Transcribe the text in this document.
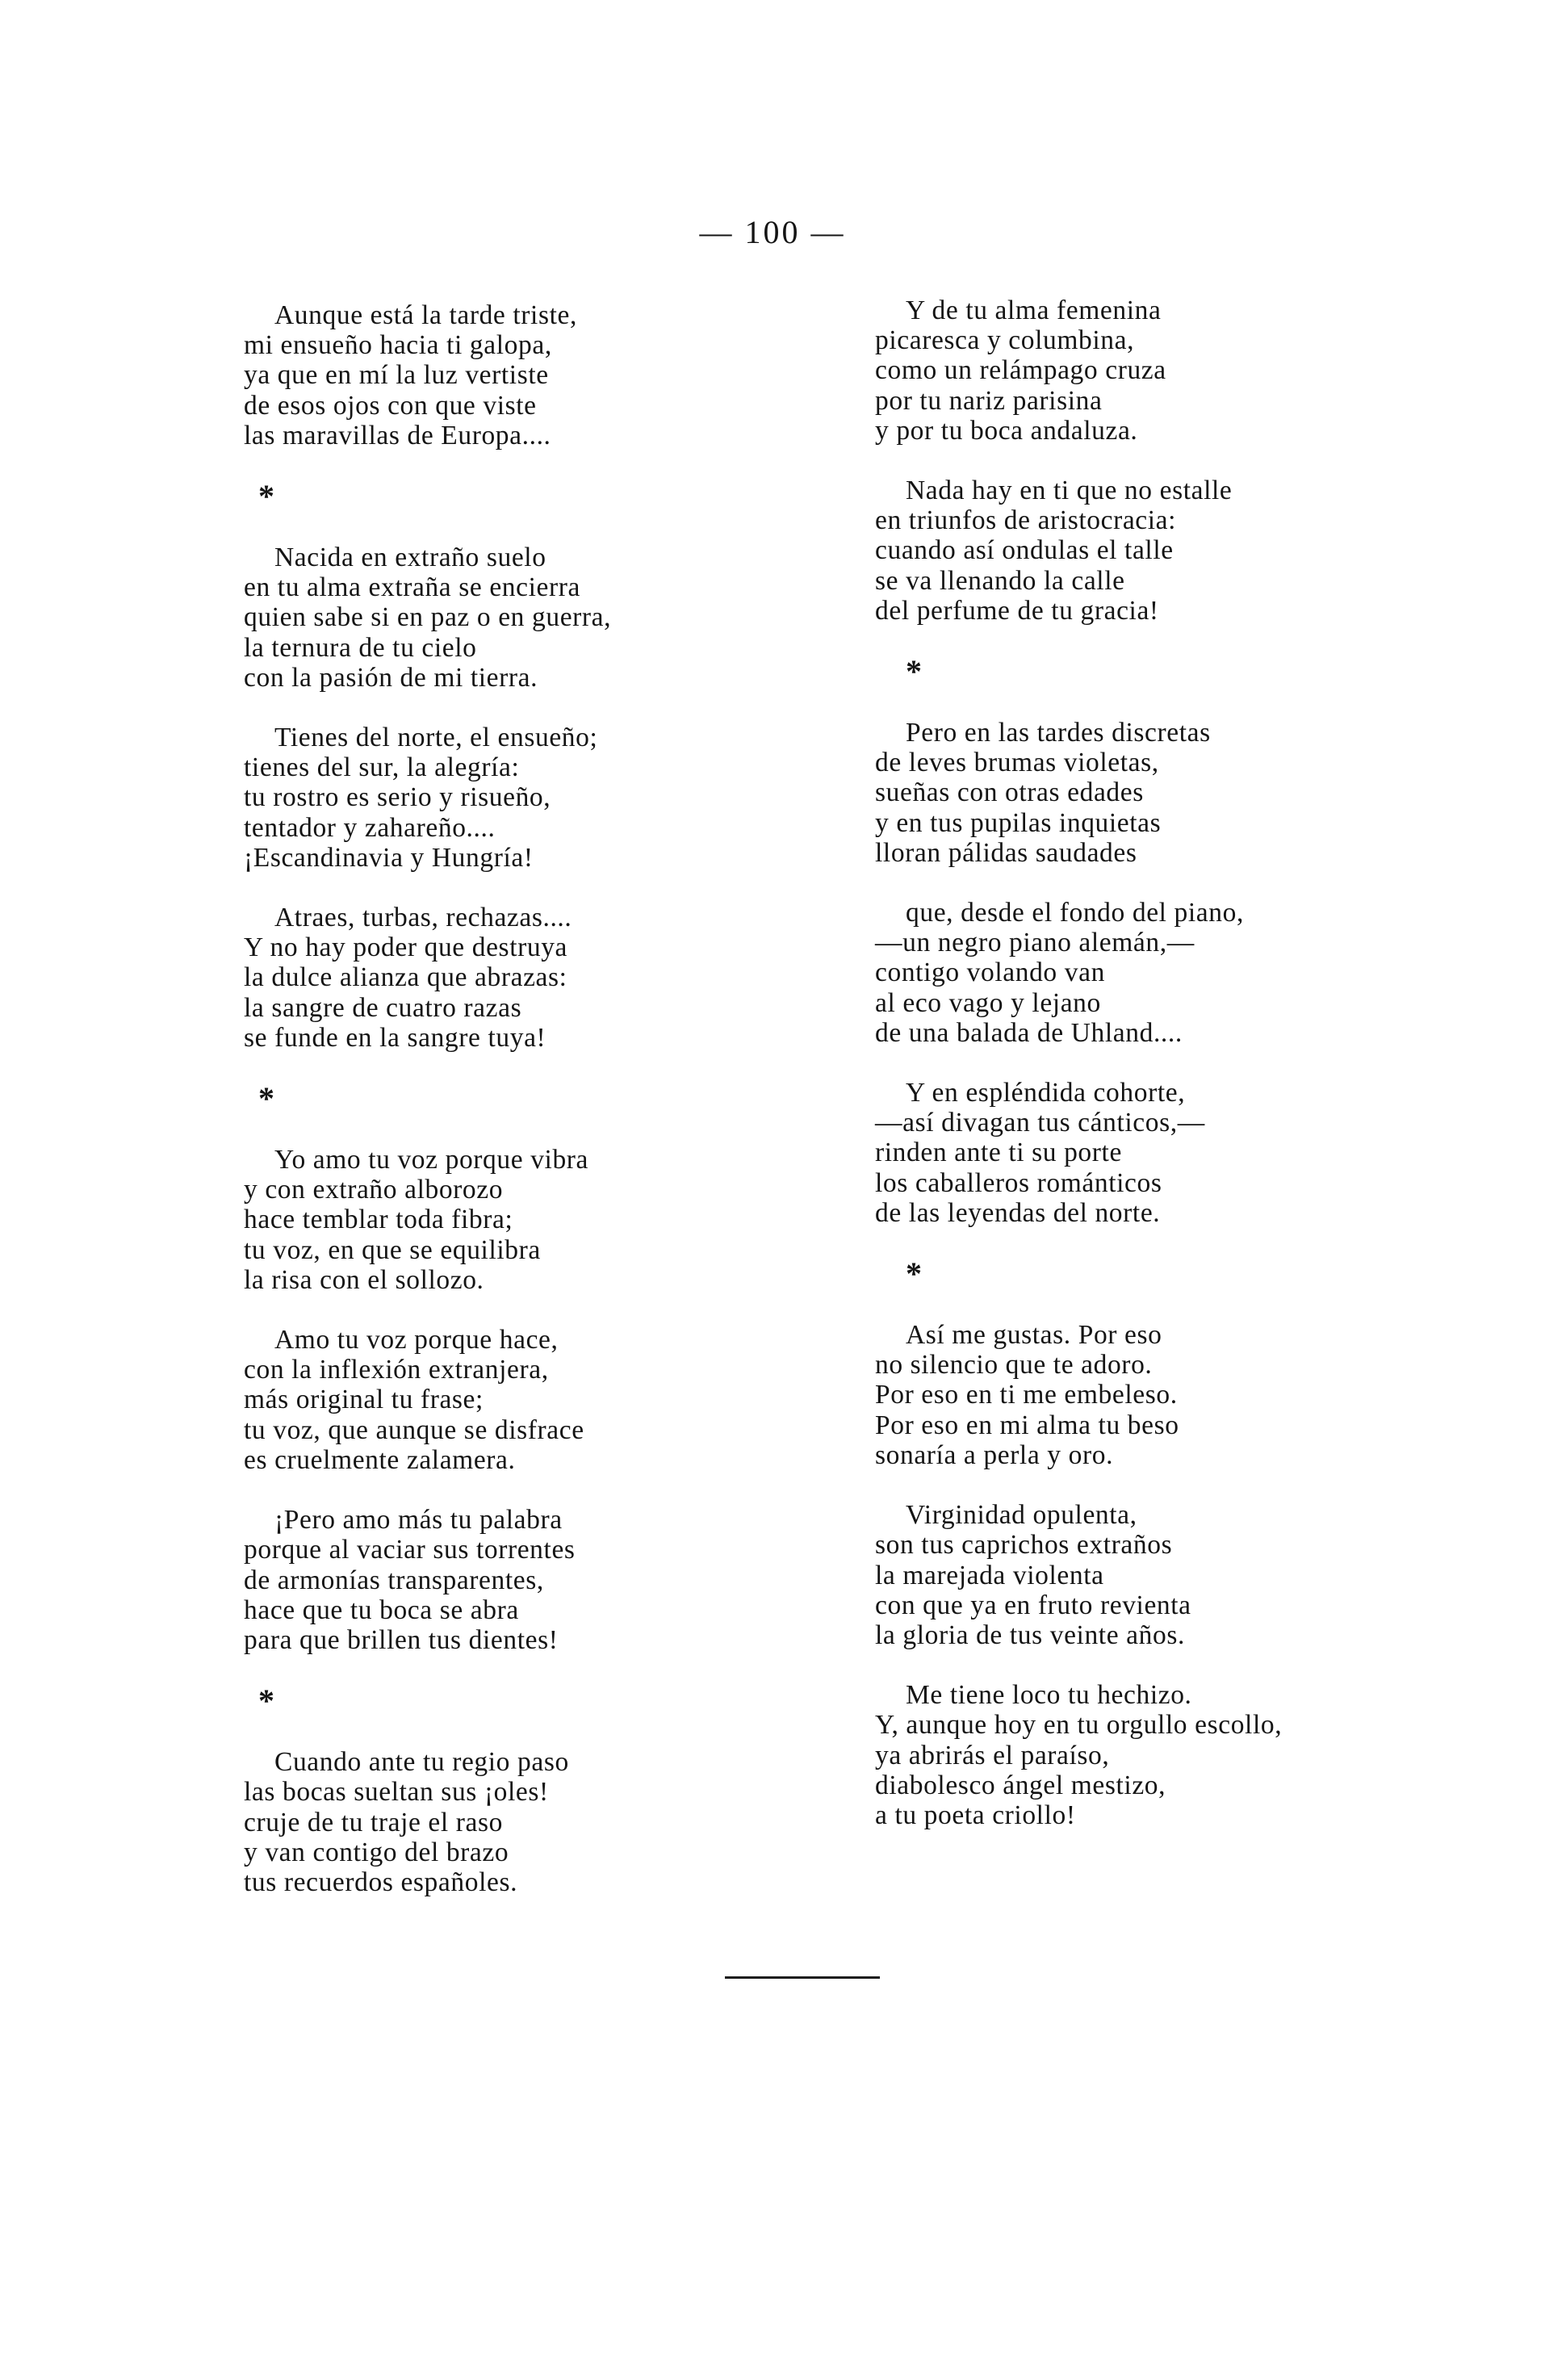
— 100 —
Aunque está la tarde triste,
mi ensueño hacia ti galopa,
ya que en mí la luz vertiste
de esos ojos con que viste
las maravillas de Europa....
*
Nacida en extraño suelo
en tu alma extraña se encierra
quien sabe si en paz o en guerra,
la ternura de tu cielo
con la pasión de mi tierra.
Tienes del norte, el ensueño;
tienes del sur, la alegría:
tu rostro es serio y risueño,
tentador y zahareño....
¡Escandinavia y Hungría!
Atraes, turbas, rechazas....
Y no hay poder que destruya
la dulce alianza que abrazas:
la sangre de cuatro razas
se funde en la sangre tuya!
*
Yo amo tu voz porque vibra
y con extraño alborozo
hace temblar toda fibra;
tu voz, en que se equilibra
la risa con el sollozo.
Amo tu voz porque hace,
con la inflexión extranjera,
más original tu frase;
tu voz, que aunque se disfrace
es cruelmente zalamera.
¡Pero amo más tu palabra
porque al vaciar sus torrentes
de armonías transparentes,
hace que tu boca se abra
para que brillen tus dientes!
*
Cuando ante tu regio paso
las bocas sueltan sus ¡oles!
cruje de tu traje el raso
y van contigo del brazo
tus recuerdos españoles.
Y de tu alma femenina
picaresca y columbina,
como un relámpago cruza
por tu nariz parisina
y por tu boca andaluza.
Nada hay en ti que no estalle
en triunfos de aristocracia:
cuando así ondulas el talle
se va llenando la calle
del perfume de tu gracia!
*
Pero en las tardes discretas
de leves brumas violetas,
sueñas con otras edades
y en tus pupilas inquietas
lloran pálidas saudades
que, desde el fondo del piano,
—un negro piano alemán,—
contigo volando van
al eco vago y lejano
de una balada de Uhland....
Y en espléndida cohorte,
—así divagan tus cánticos,—
rinden ante ti su porte
los caballeros románticos
de las leyendas del norte.
*
Así me gustas. Por eso
no silencio que te adoro.
Por eso en ti me embeleso.
Por eso en mi alma tu beso
sonaría a perla y oro.
Virginidad opulenta,
son tus caprichos extraños
la marejada violenta
con que ya en fruto revienta
la gloria de tus veinte años.
Me tiene loco tu hechizo.
Y, aunque hoy en tu orgullo escollo,
ya abrirás el paraíso,
diabolesco ángel mestizo,
a tu poeta criollo!
